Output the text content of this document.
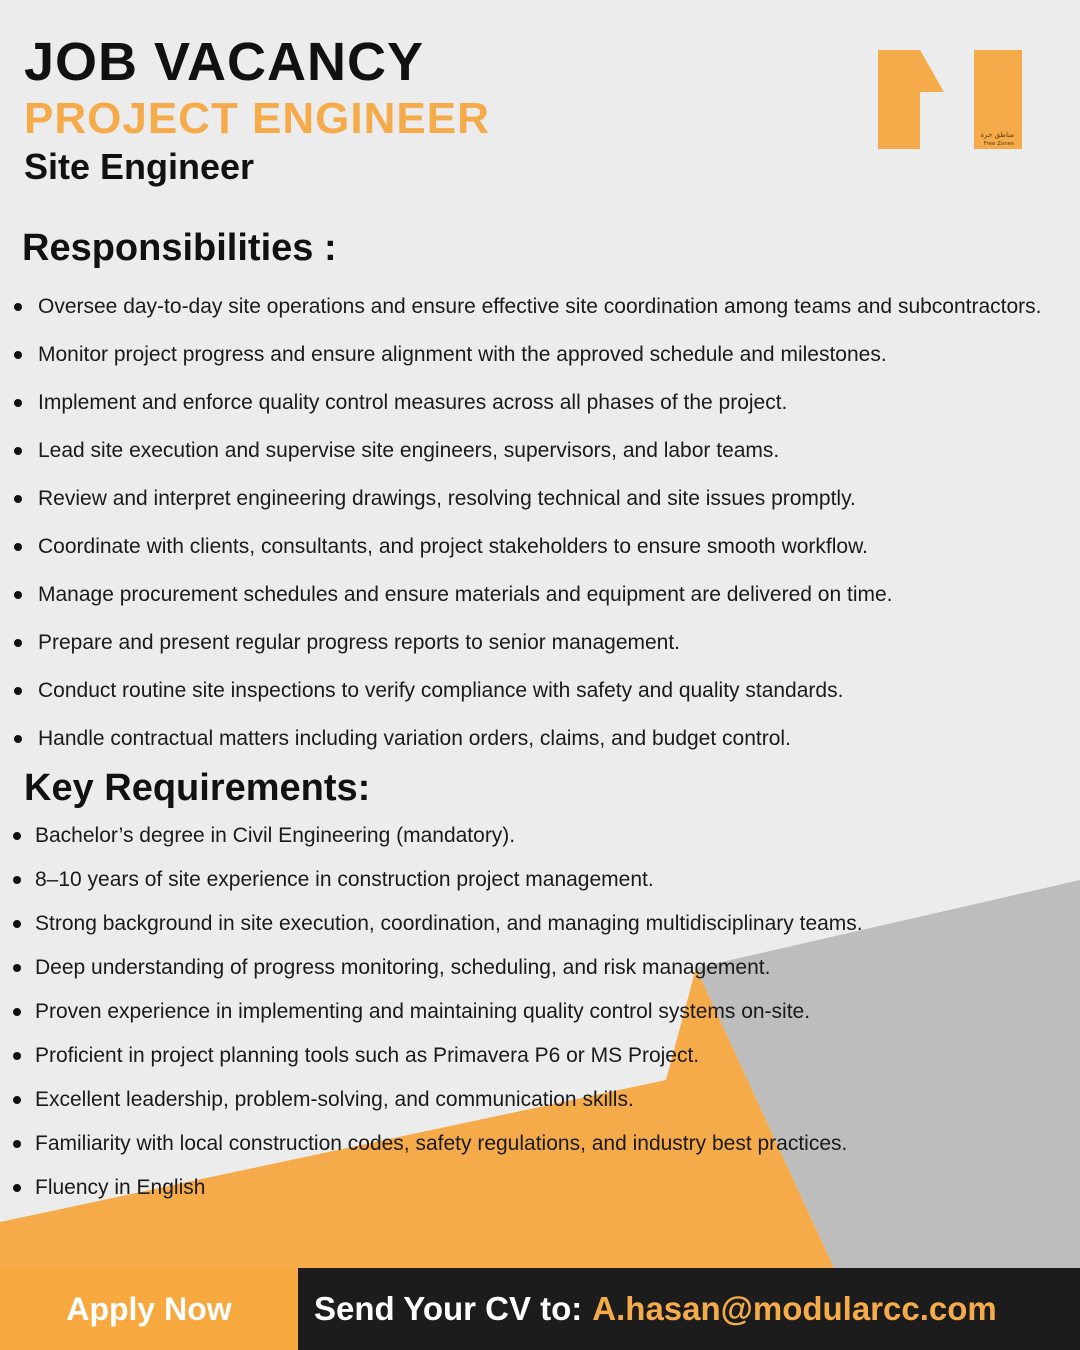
JOB VACANCY
PROJECT ENGINEER
Site Engineer
مناطق حرة
Free Zones
Responsibilities :
Oversee day-to-day site operations and ensure effective site coordination among teams and subcontractors.
Monitor project progress and ensure alignment with the approved schedule and milestones.
Implement and enforce quality control measures across all phases of the project.
Lead site execution and supervise site engineers, supervisors, and labor teams.
Review and interpret engineering drawings, resolving technical and site issues promptly.
Coordinate with clients, consultants, and project stakeholders to ensure smooth workflow.
Manage procurement schedules and ensure materials and equipment are delivered on time.
Prepare and present regular progress reports to senior management.
Conduct routine site inspections to verify compliance with safety and quality standards.
Handle contractual matters including variation orders, claims, and budget control.
Key Requirements:
Bachelor’s degree in Civil Engineering (mandatory).
8–10 years of site experience in construction project management.
Strong background in site execution, coordination, and managing multidisciplinary teams.
Deep understanding of progress monitoring, scheduling, and risk management.
Proven experience in implementing and maintaining quality control systems on-site.
Proficient in project planning tools such as Primavera P6 or MS Project.
Excellent leadership, problem-solving, and communication skills.
Familiarity with local construction codes, safety regulations, and industry best practices.
Fluency in English
Apply Now	Send Your CV to: A.hasan@modularcc.com
